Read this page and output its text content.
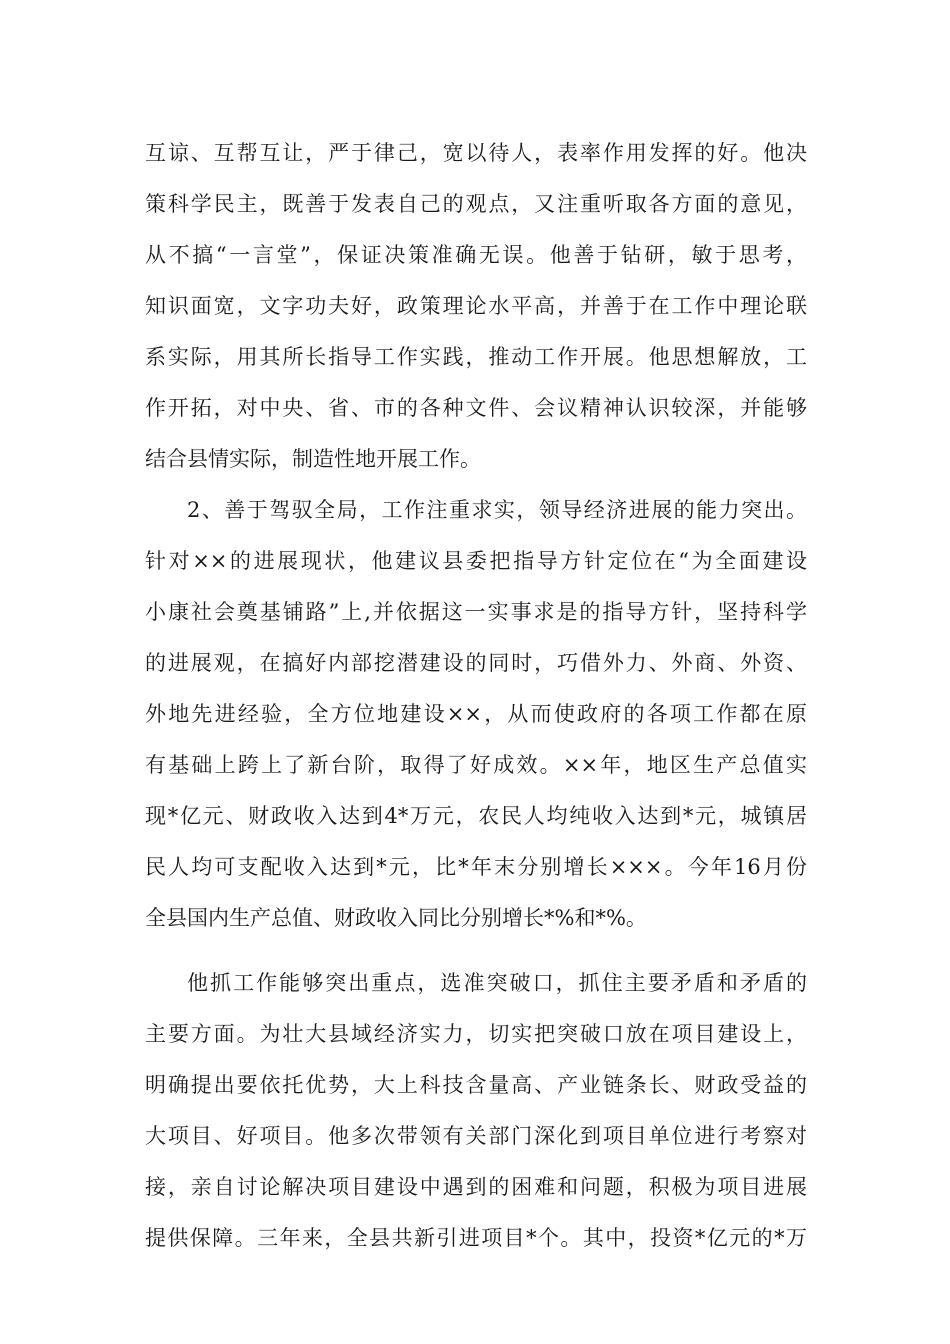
互谅、互帮互让，严于律己，宽以待人，表率作用发挥的好。他决
策科学民主，既善于发表自己的观点，又注重听取各方面的意见，
从不搞“一言堂”，保证决策准确无误。他善于钻研，敏于思考，
知识面宽，文字功夫好，政策理论水平高，并善于在工作中理论联
系实际，用其所长指导工作实践，推动工作开展。他思想解放，工
作开拓，对中央、省、市的各种文件、会议精神认识较深，并能够
结合县情实际，制造性地开展工作。
2、善于驾驭全局，工作注重求实，领导经济进展的能力突出。
针对××的进展现状，他建议县委把指导方针定位在“为全面建设
小康社会奠基铺路”上,并依据这一实事求是的指导方针，坚持科学
的进展观，在搞好内部挖潜建设的同时，巧借外力、外商、外资、
外地先进经验，全方位地建设××，从而使政府的各项工作都在原
有基础上跨上了新台阶，取得了好成效。××年，地区生产总值实
现*亿元、财政收入达到4*万元，农民人均纯收入达到*元，城镇居
民人均可支配收入达到*元，比*年末分别增长×××。今年16月份
全县国内生产总值、财政收入同比分别增长*%和*%。
他抓工作能够突出重点，选准突破口，抓住主要矛盾和矛盾的
主要方面。为壮大县域经济实力，切实把突破口放在项目建设上，
明确提出要依托优势，大上科技含量高、产业链条长、财政受益的
大项目、好项目。他多次带领有关部门深化到项目单位进行考察对
接，亲自讨论解决项目建设中遇到的困难和问题，积极为项目进展
提供保障。三年来，全县共新引进项目*个。其中，投资*亿元的*万
